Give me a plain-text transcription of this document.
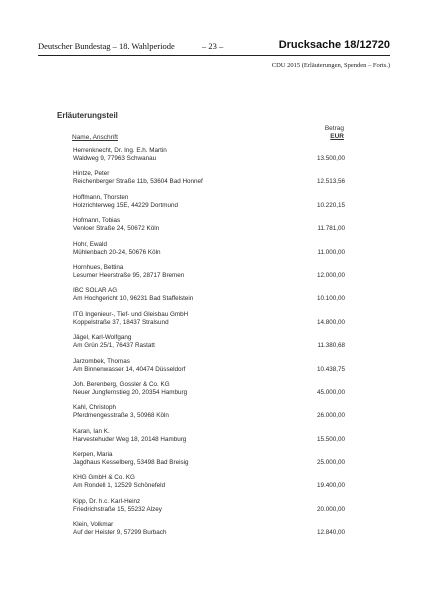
Deutscher Bundestag – 18. Wahlperiode	– 23 –	Drucksache 18/12720
CDU 2015 (Erläuterungen, Spenden – Forts.)
Erläuterungsteil
Name, Anschrift
Betrag
EUR
Herrenknecht, Dr. Ing. E.h. Martin
Waldweg 9, 77963 Schwanau	13.500,00
Hintze, Peter
Reichenberger Straße 11b, 53604 Bad Honnef	12.513,56
Hoffmann, Thorsten
Holzrichterweg 15E, 44229 Dortmund	10.220,15
Hofmann, Tobias
Venloer Straße 24, 50672 Köln	11.781,00
Hohr, Ewald
Mühlenbach 20-24, 50676 Köln	11.000,00
Hornhues, Bettina
Lesumer Heerstraße 95, 28717 Bremen	12.000,00
IBC SOLAR AG
Am Hochgericht 10, 96231 Bad Staffelstein	10.100,00
ITG Ingenieur-, Tief- und Gleisbau GmbH
Koppelstraße 37, 18437 Stralsund	14.800,00
Jägel, Karl-Wolfgang
Am Grün 25/1, 76437 Rastatt	11.380,68
Jarzombek, Thomas
Am Binnenwasser 14, 40474 Düsseldorf	10.438,75
Joh. Berenberg, Gossler & Co. KG
Neuer Jungfernstieg 20, 20354 Hamburg	45.000,00
Kahl, Christoph
Pferdmengesstraße 3, 50968 Köln	26.000,00
Karan, Ian K.
Harvestehuder Weg 18, 20148 Hamburg	15.500,00
Kerpen, Maria
Jagdhaus Kesselberg, 53498 Bad Breisig	25.000,00
KHG GmbH & Co. KG
Am Rondell 1, 12529 Schönefeld	19.400,00
Kipp, Dr. h.c. Karl-Heinz
Friedrichstraße 15, 55232 Alzey	20.000,00
Klein, Volkmar
Auf der Heister 9, 57299 Burbach	12.840,00
